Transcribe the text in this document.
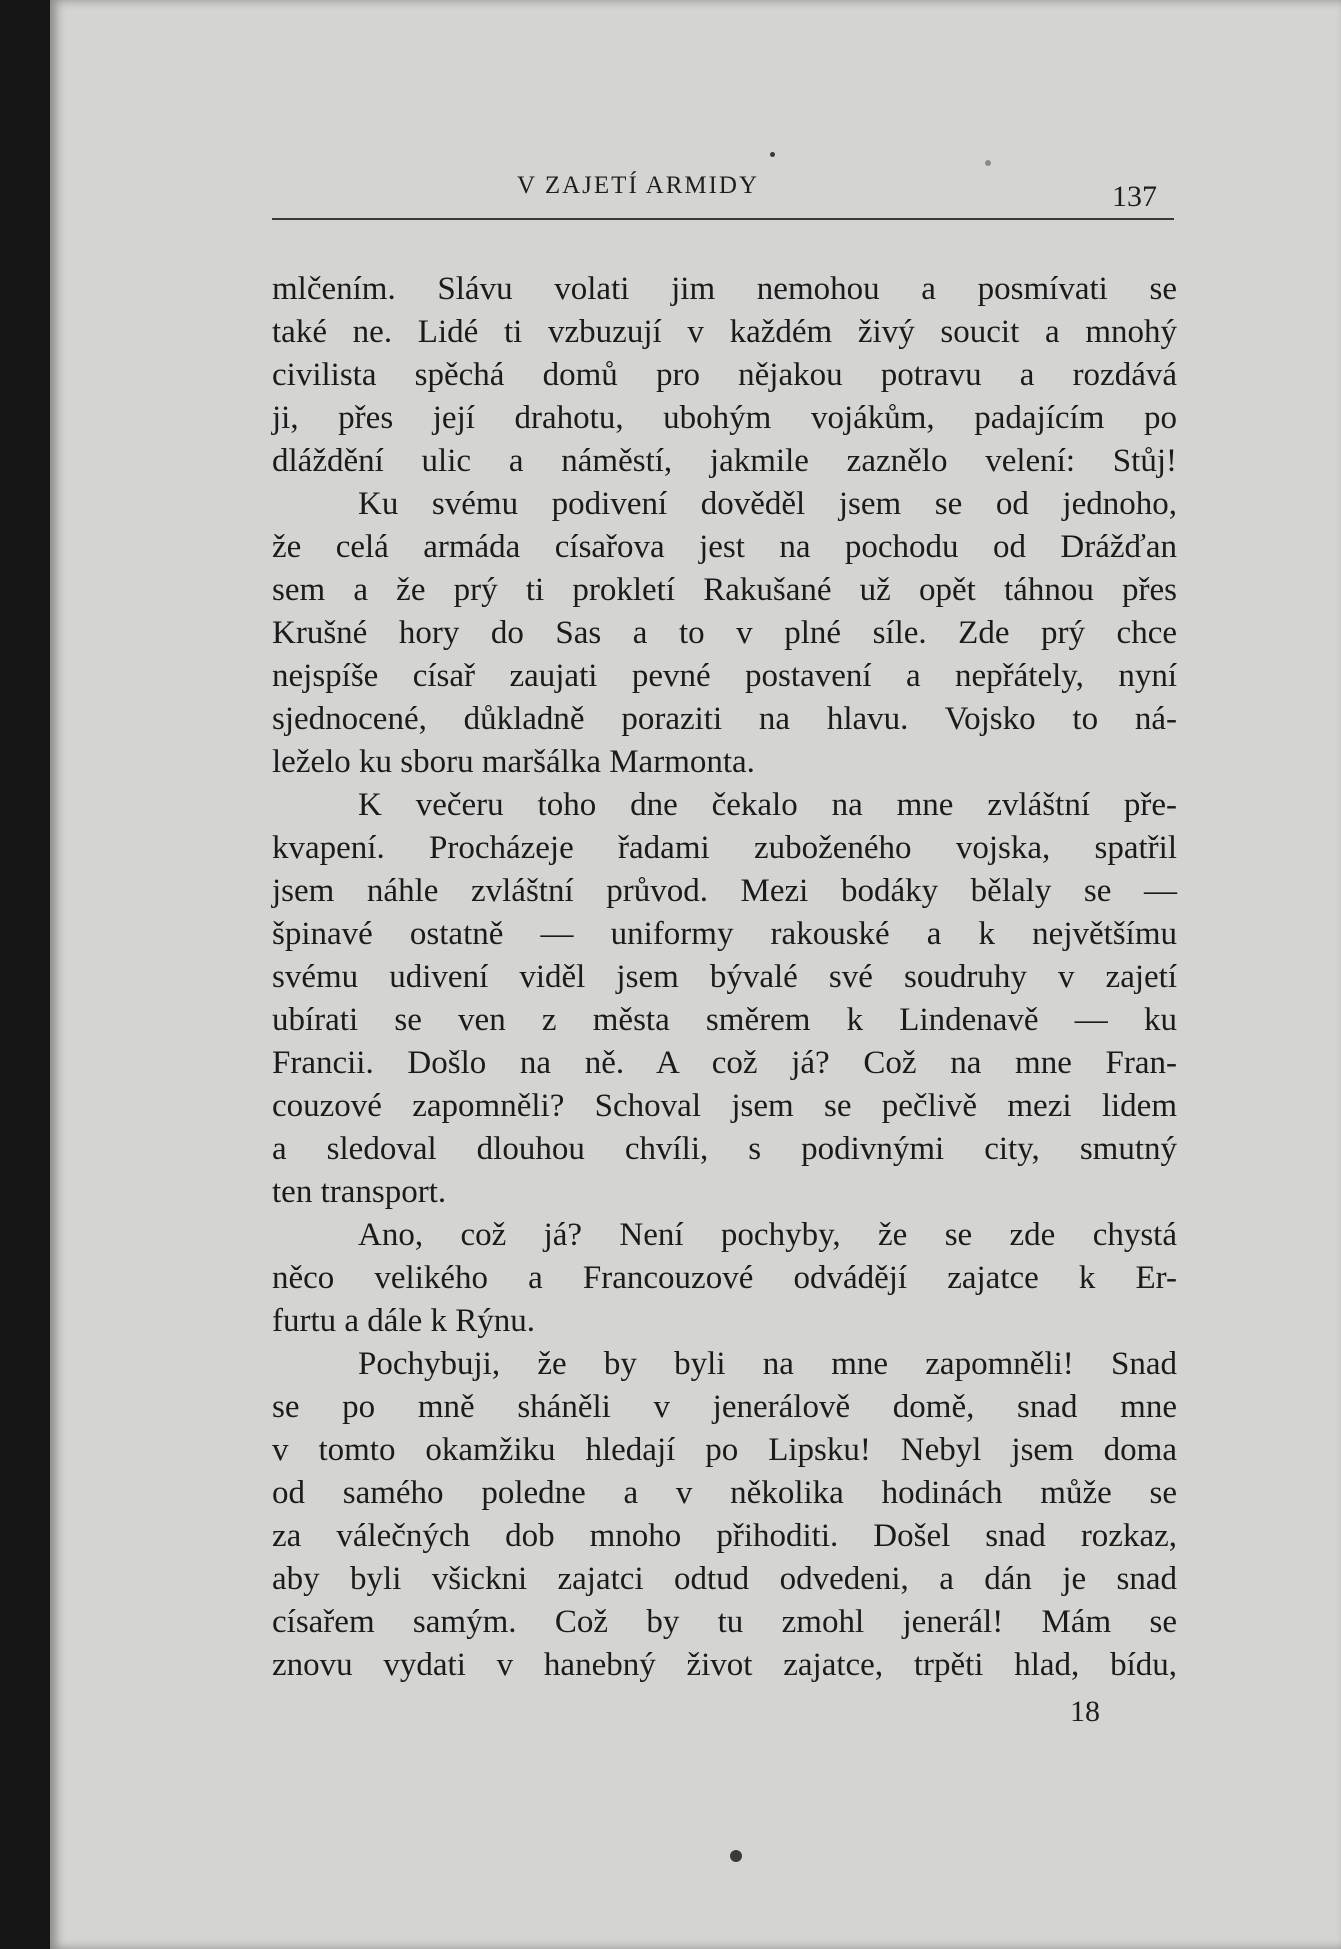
V ZAJETÍ ARMIDY	137
mlčením. Slávu volati jim nemohou a posmívati se
také ne. Lidé ti vzbuzují v každém živý soucit a mnohý
civilista spěchá domů pro nějakou potravu a rozdává
ji, přes její drahotu, ubohým vojákům, padajícím po
dláždění ulic a náměstí, jakmile zaznělo velení: Stůj!
Ku svému podivení dověděl jsem se od jednoho,
že celá armáda císařova jest na pochodu od Drážďan
sem a že prý ti prokletí Rakušané už opět táhnou přes
Krušné hory do Sas a to v plné síle. Zde prý chce
nejspíše císař zaujati pevné postavení a nepřátely, nyní
sjednocené, důkladně poraziti na hlavu. Vojsko to ná-
leželo ku sboru maršálka Marmonta.
K večeru toho dne čekalo na mne zvláštní pře-
kvapení. Procházeje řadami zuboženého vojska, spatřil
jsem náhle zvláštní průvod. Mezi bodáky bělaly se —
špinavé ostatně — uniformy rakouské a k největšímu
svému udivení viděl jsem bývalé své soudruhy v zajetí
ubírati se ven z města směrem k Lindenavě — ku
Francii. Došlo na ně. A což já? Což na mne Fran-
couzové zapomněli? Schoval jsem se pečlivě mezi lidem
a sledoval dlouhou chvíli, s podivnými city, smutný
ten transport.
Ano, což já? Není pochyby, že se zde chystá
něco velikého a Francouzové odvádějí zajatce k Er-
furtu a dále k Rýnu.
Pochybuji, že by byli na mne zapomněli! Snad
se po mně sháněli v jenerálově domě, snad mne
v tomto okamžiku hledají po Lipsku! Nebyl jsem doma
od samého poledne a v několika hodinách může se
za válečných dob mnoho přihoditi. Došel snad rozkaz,
aby byli všickni zajatci odtud odvedeni, a dán je snad
císařem samým. Což by tu zmohl jenerál! Mám se
znovu vydati v hanebný život zajatce, trpěti hlad, bídu,
18
